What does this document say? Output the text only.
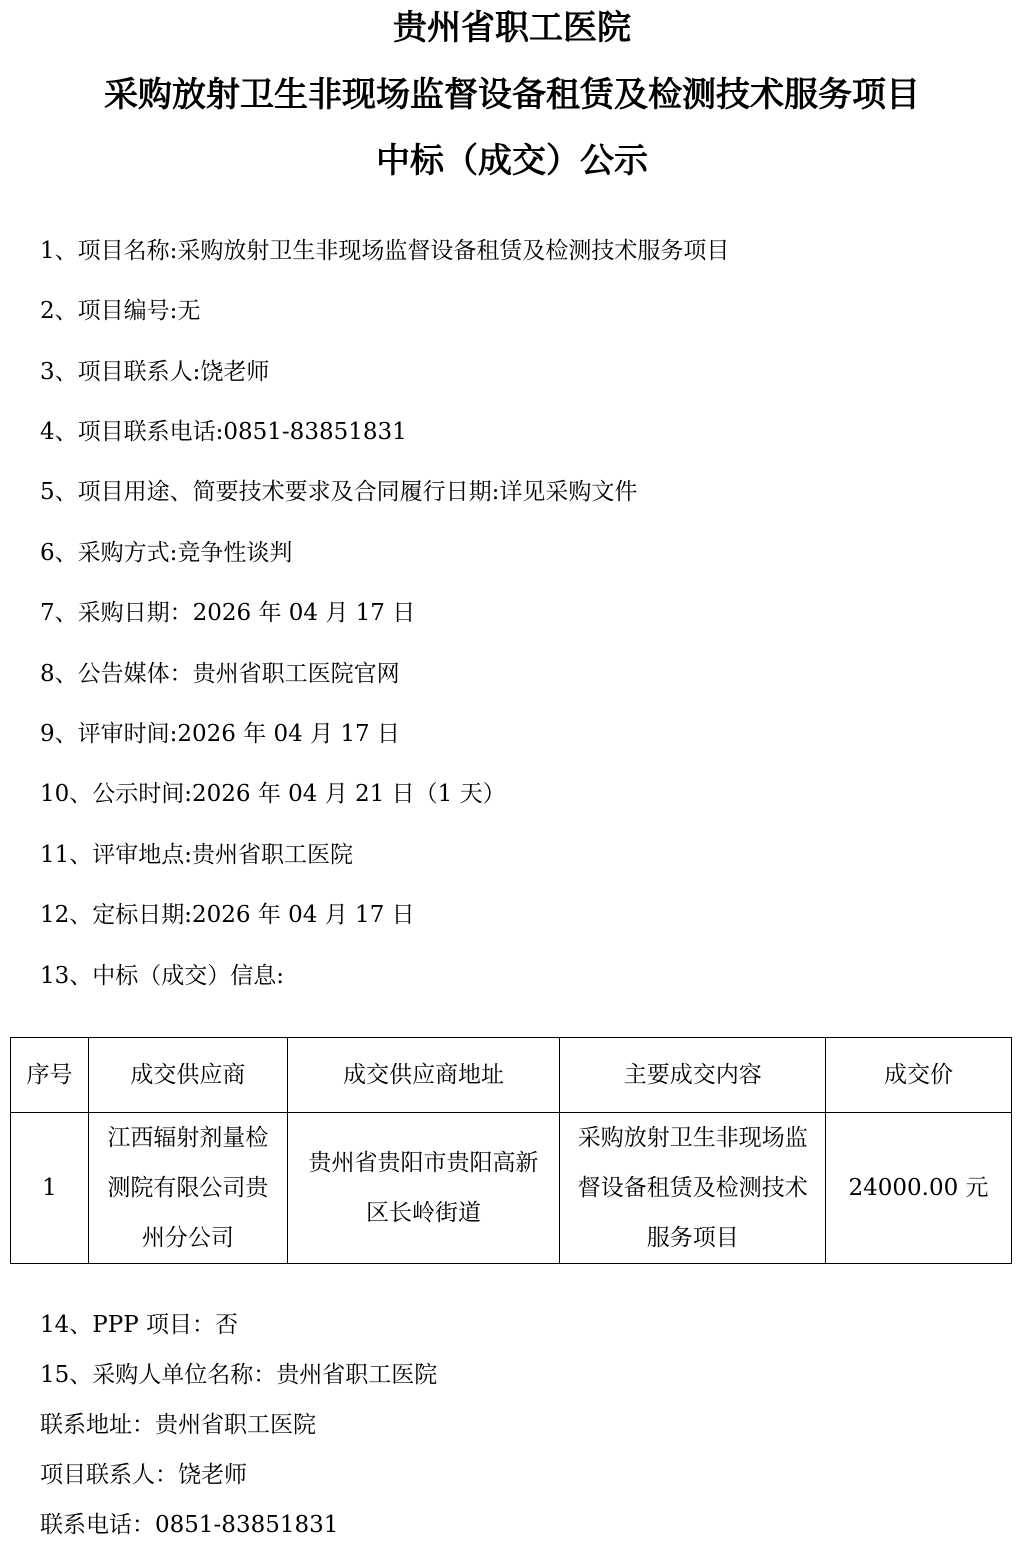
贵州省职工医院
采购放射卫生非现场监督设备租赁及检测技术服务项目
中标（成交）公示
1、项目名称:采购放射卫生非现场监督设备租赁及检测技术服务项目
2、项目编号:无
3、项目联系人:饶老师
4、项目联系电话:0851-83851831
5、项目用途、简要技术要求及合同履行日期:详见采购文件
6、采购方式:竞争性谈判
7、采购日期：2026 年 04 月 17 日
8、公告媒体：贵州省职工医院官网
9、评审时间:2026 年 04 月 17 日
10、公示时间:2026 年 04 月 21 日（1 天）
11、评审地点:贵州省职工医院
12、定标日期:2026 年 04 月 17 日
13、中标（成交）信息:
序号	成交供应商	成交供应商地址	主要成交内容	成交价
1	江西辐射剂量检测院有限公司贵州分公司	贵州省贵阳市贵阳高新区长岭街道	采购放射卫生非现场监督设备租赁及检测技术服务项目	24000.00 元
14、PPP 项目：否
15、采购人单位名称：贵州省职工医院
联系地址：贵州省职工医院
项目联系人：饶老师
联系电话：0851-83851831
